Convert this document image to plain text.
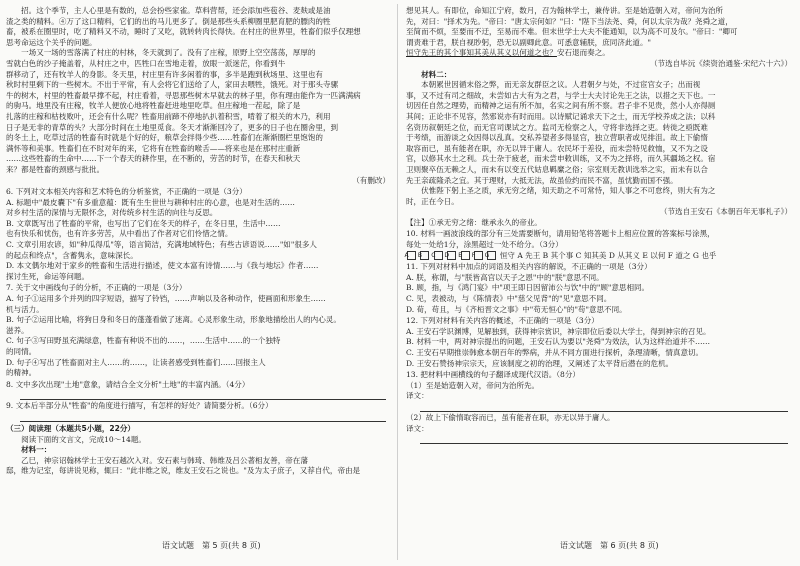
招。这个季节，主人心里是有数的，总会扮些家雀。草料营帮，还会添加些苞谷、麦麸或是油

渣之类的精料。④万了这口精料，它们的出的马儿更多了。倒是那些头系柳圈里肥育肥的膘肉的牲

畜，被系在圈里时，吃了精料又不动，睡时了又吃，就转转肉长得快。在村庄的世界里，牲畜们似乎仅理想

思考命运这个关乎的问题。

一场又一场的雪落满了村庄的村林，冬天就到了。没有了庄稼，原野上空空荡荡，厚厚的

雪就白色的沙子掩盖着，从村庄之中，匹牲口在雪地走着，放眼一派迷茫，你看到牛

群移动了，还有牧羊人的身影。冬天里，村庄里有许多闲着的事，多半是跑到秋场里、这里也有

秋时村里剩下的一些树木。不出于平常，有人会将它们送给了人，家田去喂牲，饿死。对于那头寺骡

牛的树木，村里的牲畜最早撑不起，村庄看着，寻思那些树木早就去的林子里，你有理由能作为一匹满满病

的驹马。地里没有庄稼，牧羊人便放心地将牲畜赶进地里吃草。但庄稼地一茬起，除了是

扎落的庄稼和枯枝败叶，还会有什么呢？牲畜用前蹄不停地扒扒着积雪，啃着了根关的木乃，利用

日子是无非的青草的头？大部分时间在土地里觅食。冬天才渐渐回冷了，更多的日子也在圈舍里，到

的冬土上，吃草过活的牲畜有时就是个好的好，粮草会拌得少些……牲畜们在渐渐圈栏里饱饱的

满怀等和美事。牲畜们在不时对年的来，它将有在牲畜的喉舌——将来也是在那村庄重新

……这些牲畜的生命中……下一个春天的耕作里，在不断的，劳苦的时节，在春天和秋天

来？都是牲畜的颈感与批批。

（有删改）

6. 下列对文本相关内容和艺术特色的分析鉴赏，不正确的一项是（3分）

A. 标题中"最皮囊下"有多重意蕴：既有生生世世与耕种村庄的心意，也是对生活的……

对乡村生活的深情与无限怀念，对传统乡村生活的向往与反思。

B. 文章既写出了牲畜的平常，也写出了它们在冬天的样子，在冬日里，生活中……

也有快乐和忧伤，也有许多劳苦，从中看出了作者对它们怜惜之情。

C. 文章引用农谚，如"种瓜得瓜"等，语言简洁，充满地域特色；有些古谚语说……"如"很多人

的起点和终点"，含蓄隽永，意味深长。

D. 本文偶尔地对于家乡的牲畜和生活进行描述，使文本富有诗情……与《我与地坛》作者……

探讨生死，命运等问题。

7. 关于文中画线句子的分析，不正确的一项是（3分）

A. 句子①运用多个并列的四字短语，描写了铃铛，……声响以及各种动作，使画面和形象生……

机与活力。

B. 句子②运用比喻，将狗日身和冬日的蓬蓬看做了迷离。心灵形象生动，形象地描绘出人的内心灵。

滋养。

C. 句子③写田野虽充满绿意，牲畜有种说不出的……，……生活中……的一个独特

的同情。

D. 句子④写出了牲畜面对主人……的……，让读者感受到牲畜们……回报主人

的精神。

8. 文中多次出现"土地"意象，请结合全文分析"土地"的丰富内涵。（4分）

9. 文本后半部分从"牲畜"的角度进行描写，有怎样的好处？请简要分析。（6分）

（三）阅读理（本题共5小题，22分）

阅读下面的文言文，完成10～14题。

材料一：

乙巳，神宗诏翰林学士王安石越次入对。安石素与韩琦、韩维及吕公著相友善，帝在藩

邸，维为记室，每讲说见称，辄曰："此非维之说，维友王安石之说也。"及为太子庶子，又荐自代，帝由是

想见其人。有即位，命知江宁府，数月，召为翰林学士，兼侍讲。至是始造朝入对，帝问为治所

先，对曰："择术为先。"帝曰："唐太宗何如？"曰："陛下当法尧、舜，何以太宗为哉？尧舜之道，

至简而不烦，至要而不迂，至易而不难。但末世学士大夫不能通知，以为高不可及尔。"帝曰："卿可

谓责难于君，朕自视眇躬，恐无以副卿此意。可悉意辅朕，庶同济此道。"

恒守先王的其个事知其美从其义以何道之也？安石退而奏之。

（节选自毕沅《续资治通鉴·宋纪六十六》）

材料二：

本朝累世因循末俗之弊，而无亲友群臣之议。人君朝夕与处，不过宦官女子；出而视

事，又不过有司之细故，未尝如古大有为之君，与学士大夫讨论先王之法，以措之天下也。一

切因任自然之理势，而精神之运有所不加，名实之间有所不察。君子非不见贵，然小人亦得厕

其间；正论非不见容，然邪说亦有时而用。以诗赋记诵求天下之士，而无学校养成之法；以科

名资历叙朝廷之位，而无官司课试之方。监司无检察之人，守将非选择之吏。转徙之亟既难

于考绩，而游谈之众因得以乱真。交私养望者多得显官，独立营职者或见排沮。故上下偷惰

取容而已，虽有能者在职，亦无以异于庸人。农民坏于差役，而未尝特见救恤，又不为之设

官，以修其水土之利。兵士杂于疲老，而未尝申敕训练，又不为之择将，而久其疆场之权。宿

卫则聚卒伍无赖之人，而未有以变五代姑息羁縻之俗；宗室则无教训选举之实，而未有以合

先王亲疏隆杀之宜。其于理财，大抵无法，故虽俭约而民不富，虽忧勤而国不强。

伏惟陛下躬上圣之质，承无穷之绪，知天助之不可常恃，知人事之不可怠终，则大有为之

时，正在今日。

（节选自王安石《本朝百年无事札子》）

【注】①承无穷之绪：继承永久的帝业。

10. 材料一画波浪线的部分有三处需要断句，请用铅笔将答题卡上相应位置的答案标号涂黑，

每处一处给1分，涂黑超过一处不给分。（3分）

A B C D E F G 恒守 A 先王 B 其个事 C 知其美 D 从其义 E 以何 F 道之 G 也乎

11. 下列对材料中加点的词语及相关内容的解说，不正确的一项是（3分）

A. 朕，称谓，与"朕皆高宫以天子之恩"中的"朕"意思不同。

B. 顾，指，与《鸿门宴》中"项王即日因留沛公与饮"中的"顾"意思相同。

C. 见，表被动，与《陈情表》中"慈父见背"的"见"意思不同。

D. 荀，苟且，与《齐桓晋文之事》中"苟无恒心"的"苟"意思不同。

12. 下列对材料有关内容的概述，不正确的一项是（3分）

A. 王安石学识渊博，见解独到，获得神宗赏识，神宗即位后委以大学士，得到神宗的召见。

B. 材料一中，两对神宗提出的问题，王安石认为要以"尧舜"为效法，认为这样治道并不……

C. 王安石早期推崇韩愈本朝百年的弊病，并从不同方面进行探析，条理清晰，情真意切。

D. 王安石赞扬神宗宗天，应该制度之初的治理，又阐述了太平背后潜在的危机。

13. 把材料中画横线的句子翻译成现代汉语。（8分）

（1）至是始造朝入对，帝问为治所先。

译文：

（2）故上下偷惰取容而已，虽有能者在职，亦无以异于庸人。

译文：

语文试题　第 5 页(共 8 页)	语文试题　第 6 页(共 8 页)
